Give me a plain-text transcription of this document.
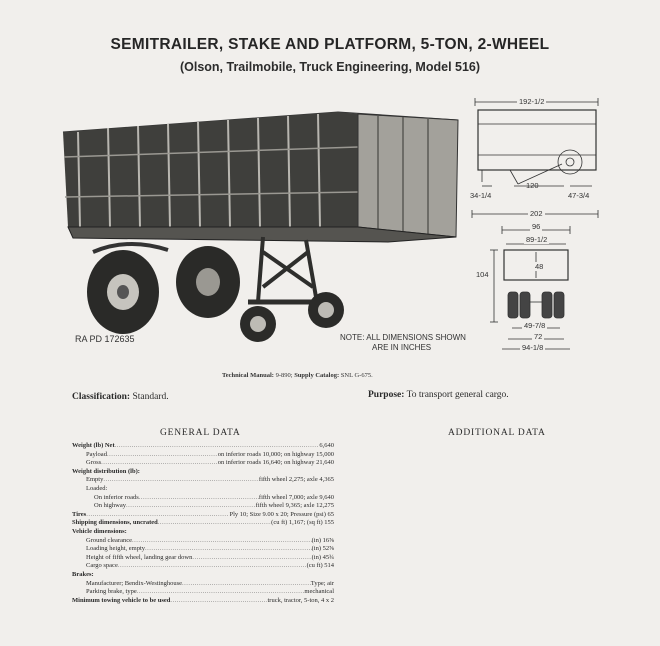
SEMITRAILER, STAKE AND PLATFORM, 5-TON, 2-WHEEL
(Olson, Trailmobile, Truck Engineering, Model 516)
RA PD 172635	NOTE: ALL DIMENSIONS SHOWN
ARE IN INCHES
192-1/2
34-1/4
120
47-3/4
202
96
89-1/2
104
48
49-7/8
72
94-1/8
Technical Manual: 9-890; Supply Catalog: SNL G-675.
Classification: Standard.	Purpose: To transport general cargo.
GENERAL DATA	ADDITIONAL DATA
Weight (lb) Net .....	6,640
Payload .....	on inferior roads 10,000; on highway 15,000
Gross .....	on inferior roads 16,640; on highway 21,640
Weight distribution (lb):
Empty .....	fifth wheel 2,275; axle 4,365
Loaded:
On inferior roads .....	fifth wheel 7,000; axle 9,640
On highway .....	fifth wheel 9,365; axle 12,275
Tires .....	Ply 10; Size 9.00 x 20; Pressure (psi) 65
Shipping dimensions, uncrated .....	(cu ft) 1,167; (sq ft) 155
Vehicle dimensions:
Ground clearance .....	(in) 16⅝
Loading height, empty .....	(in) 52⅝
Height of fifth wheel, landing gear down .....	(in) 45¾
Cargo space .....	(cu ft) 514
Brakes:
Manufacturer; Bendix-Westinghouse .....	Type; air
Parking brake, type .....	mechanical
Minimum towing vehicle to be used .....	truck, tractor, 5-ton, 4 x 2
